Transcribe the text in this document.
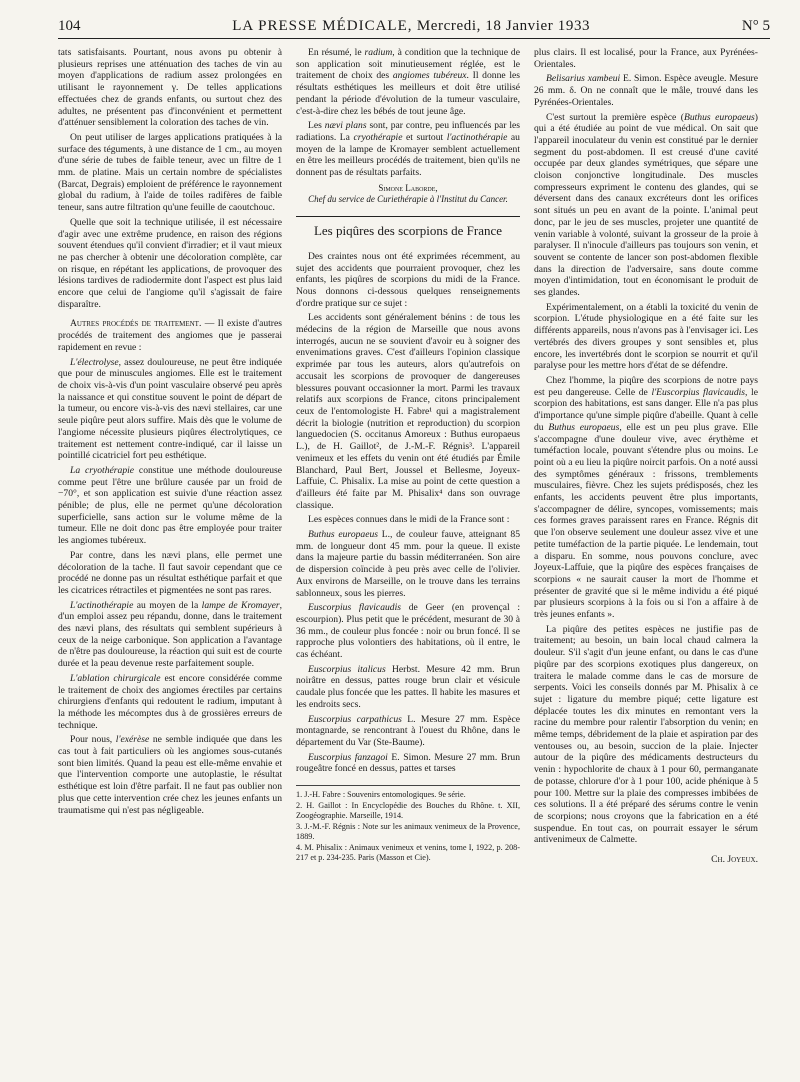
104	LA PRESSE MÉDICALE, Mercredi, 18 Janvier 1933	N° 5

tats satisfaisants. Pourtant, nous avons pu obtenir à plusieurs reprises une atténuation des taches de vin au moyen d'applications de radium assez prolongées en utilisant le rayonnement γ. De telles applications effectuées chez de grands enfants, ou surtout chez des adultes, ne présentent pas d'inconvénient et permettent d'atténuer sensiblement la coloration des taches de vin.

On peut utiliser de larges applications pratiquées à la surface des téguments, à une distance de 1 cm., au moyen d'une série de tubes de faible teneur, avec un filtre de 1 mm. de platine. Mais un certain nombre de spécialistes (Barcat, Degrais) emploient de préférence le rayonnement global du radium, à l'aide de toiles radifères de faible teneur, sans autre filtration qu'une feuille de caoutchouc.

Quelle que soit la technique utilisée, il est nécessaire d'agir avec une extrême prudence, en raison des régions souvent étendues qu'il convient d'irradier; et il vaut mieux ne pas chercher à obtenir une décoloration complète, car on risque, en répétant les applications, de provoquer des lésions tardives de radiodermite dont l'aspect est plus laid encore que celui de l'angiome qu'il s'agissait de faire disparaître.

Autres procédés de traitement. — Il existe d'autres procédés de traitement des angiomes que je passerai rapidement en revue :

L'électrolyse, assez douloureuse, ne peut être indiquée que pour de minuscules angiomes. Elle est le traitement de choix vis-à-vis d'un point vasculaire observé peu après la naissance et qui constitue souvent le point de départ de la tumeur, ou encore vis-à-vis des nævi stellaires, car une seule piqûre peut alors suffire. Mais dès que le volume de l'angiome nécessite plusieurs piqûres électrolytiques, ce traitement est nettement contre-indiqué, car il laisse un pointillé cicatriciel fort peu esthétique.

La cryothérapie constitue une méthode douloureuse comme peut l'être une brûlure causée par un froid de −70°, et son application est suivie d'une réaction assez pénible; de plus, elle ne permet qu'une décoloration superficielle, sans action sur le volume même de la tumeur. Elle ne doit donc pas être employée pour traiter les angiomes tubéreux.

Par contre, dans les nævi plans, elle permet une décoloration de la tache. Il faut savoir cependant que ce procédé ne donne pas un résultat esthétique parfait et que les cicatrices rétractiles et pigmentées ne sont pas rares.

L'actinothérapie au moyen de la lampe de Kromayer, d'un emploi assez peu répandu, donne, dans le traitement des nævi plans, des résultats qui semblent supérieurs à ceux de la neige carbonique. Son application a l'avantage de n'être pas douloureuse, la réaction qui suit est de courte durée et la peau devenue reste parfaitement souple.

L'ablation chirurgicale est encore considérée comme le traitement de choix des angiomes érectiles par certains chirurgiens d'enfants qui redoutent le radium, imputant à la méthode les mécomptes dus à de grossières erreurs de technique.

Pour nous, l'exérèse ne semble indiquée que dans les cas tout à fait particuliers où les angiomes sous-cutanés sont bien limités. Quand la peau est elle-même envahie et que l'intervention comporte une autoplastie, le résultat esthétique est loin d'être parfait. Il ne faut pas oublier non plus que cette intervention crée chez les jeunes enfants un traumatisme qui n'est pas négligeable.

En résumé, le radium, à condition que la technique de son application soit minutieusement réglée, est le traitement de choix des angiomes tubéreux. Il donne les résultats esthétiques les meilleurs et doit être utilisé pendant la période d'évolution de la tumeur vasculaire, c'est-à-dire chez les bébés de tout jeune âge.

Les nævi plans sont, par contre, peu influencés par les radiations. La cryothérapie et surtout l'actinothérapie au moyen de la lampe de Kromayer semblent actuellement en être les meilleurs procédés de traitement, bien qu'ils ne donnent pas de résultats parfaits.

Simone Laborde,
Chef du service de Curiethérapie à l'Institut du Cancer.
Les piqûres des scorpions de France

Des craintes nous ont été exprimées récemment, au sujet des accidents que pourraient provoquer, chez les enfants, les piqûres de scorpions du midi de la France. Nous donnons ci-dessous quelques renseignements d'ordre pratique sur ce sujet :

Les accidents sont généralement bénins : de tous les médecins de la région de Marseille que nous avons interrogés, aucun ne se souvient d'avoir eu à soigner des envenimations graves. C'est d'ailleurs l'opinion classique exprimée par tous les auteurs, alors qu'autrefois on accusait les scorpions de provoquer de dangereuses blessures pouvant occasionner la mort. Parmi les travaux relatifs aux scorpions de France, citons principalement ceux de l'entomologiste H. Fabre¹ qui a magistralement décrit la biologie (nutrition et reproduction) du scorpion languedocien (S. occitanus Amoreux : Buthus europaeus L.), de H. Gaillot², de J.-M.-F. Régnis³. L'appareil venimeux et les effets du venin ont été étudiés par Émile Blanchard, Paul Bert, Joussel et Bellesme, Joyeux-Laffuie, C. Phisalix. La mise au point de cette question a d'ailleurs été faite par M. Phisalix⁴ dans son ouvrage classique.

Les espèces connues dans le midi de la France sont :

Buthus europaeus L., de couleur fauve, atteignant 85 mm. de longueur dont 45 mm. pour la queue. Il existe dans la majeure partie du bassin méditerranéen. Son aire de dispersion coïncide à peu près avec celle de l'olivier. Aux environs de Marseille, on le trouve dans les terrains sablonneux, sous les pierres.

Euscorpius flavicaudis de Geer (en provençal : escourpion). Plus petit que le précédent, mesurant de 30 à 36 mm., de couleur plus foncée : noir ou brun foncé. Il se rapproche plus volontiers des habitations, où il entre, le cas échéant.

Euscorpius italicus Herbst. Mesure 42 mm. Brun noirâtre en dessus, pattes rouge brun clair et vésicule caudale plus foncée que les pattes. Il habite les masures et les endroits secs.

Euscorpius carpathicus L. Mesure 27 mm. Espèce montagnarde, se rencontrant à l'ouest du Rhône, dans le département du Var (Ste-Baume).

Euscorpius fanzagoi E. Simon. Mesure 27 mm. Brun rougeâtre foncé en dessus, pattes et tarses

1. J.-H. Fabre : Souvenirs entomologiques. 9e série.
2. H. Gaillot : In Encyclopédie des Bouches du Rhône. t. XII, Zoogéographie. Marseille, 1914.
3. J.-M.-F. Régnis : Note sur les animaux venimeux de la Provence, 1889.
4. M. Phisalix : Animaux venimeux et venins, tome I, 1922, p. 208-217 et p. 234-235. Paris (Masson et Cie).

plus clairs. Il est localisé, pour la France, aux Pyrénées-Orientales.

Belisarius xambeui E. Simon. Espèce aveugle. Mesure 26 mm. δ. On ne connaît que le mâle, trouvé dans les Pyrénées-Orientales.

C'est surtout la première espèce (Buthus europaeus) qui a été étudiée au point de vue médical. On sait que l'appareil inoculateur du venin est constitué par le dernier segment du post-abdomen. Il est creusé d'une cavité occupée par deux glandes symétriques, que sépare une cloison conjonctive longitudinale. Des muscles compresseurs expriment le contenu des glandes, qui se déversent dans des canaux excréteurs dont les orifices sont situés un peu en avant de la pointe. L'animal peut donc, par le jeu de ses muscles, projeter une quantité de venin variable à volonté, suivant la grosseur de la proie à paralyser. Il n'inocule d'ailleurs pas toujours son venin, et souvent se contente de lancer son post-abdomen flexible dans la direction de l'adversaire, sans doute comme moyen d'intimidation, tout en économisant le produit de ses glandes.

Expérimentalement, on a établi la toxicité du venin de scorpion. L'étude physiologique en a été faite sur les différents appareils, nous n'avons pas à l'envisager ici. Les vertébrés des divers groupes y sont sensibles et, plus encore, les invertébrés dont le scorpion se nourrit et qu'il paralyse pour les mettre hors d'état de se défendre.

Chez l'homme, la piqûre des scorpions de notre pays est peu dangereuse. Celle de l'Euscorpius flavicaudis, le scorpion des habitations, est sans danger. Elle n'a pas plus d'importance qu'une simple piqûre d'abeille. Quant à celle du Buthus europaeus, elle est un peu plus grave. Elle s'accompagne d'une douleur vive, avec érythème et tuméfaction locale, pouvant s'étendre plus ou moins. Le point où a eu lieu la piqûre noircit parfois. On a noté aussi des symptômes généraux : frissons, tremblements musculaires, fièvre. Chez les sujets prédisposés, chez les enfants, les accidents peuvent être plus importants, s'accompagner de délire, syncopes, vomissements; mais ces formes graves paraissent rares en France. Régnis dit que l'on observe seulement une douleur assez vive et une petite tuméfaction de la partie piquée. Le lendemain, tout a disparu. En somme, nous pouvons conclure, avec Joyeux-Laffuie, que la piqûre des espèces françaises de scorpions « ne saurait causer la mort de l'homme et présenter de gravité que si le même individu a été piqué par plusieurs scorpions à la fois ou si l'on a affaire à de très jeunes enfants ».

La piqûre des petites espèces ne justifie pas de traitement; au besoin, un bain local chaud calmera la douleur. S'il s'agit d'un jeune enfant, ou dans le cas d'une piqûre par des scorpions exotiques plus dangereux, on traitera le malade comme dans le cas de morsure de serpents. Voici les conseils donnés par M. Phisalix à ce sujet : ligature du membre piqué; cette ligature est déplacée toutes les dix minutes en remontant vers la racine du membre pour ralentir l'absorption du venin; en même temps, débridement de la plaie et aspiration par des ventouses ou, au besoin, succion de la plaie. Injecter autour de la piqûre des médicaments destructeurs du venin : hypochlorite de chaux à 1 pour 60, permanganate de potasse, chlorure d'or à 1 pour 100, acide phénique à 5 pour 100. Mettre sur la plaie des compresses imbibées de ces solutions. Il a été préparé des sérums contre le venin de scorpions; nous croyons que la fabrication en a été suspendue. En tout cas, on pourrait essayer le sérum antivenimeux de Calmette.

Ch. Joyeux.
